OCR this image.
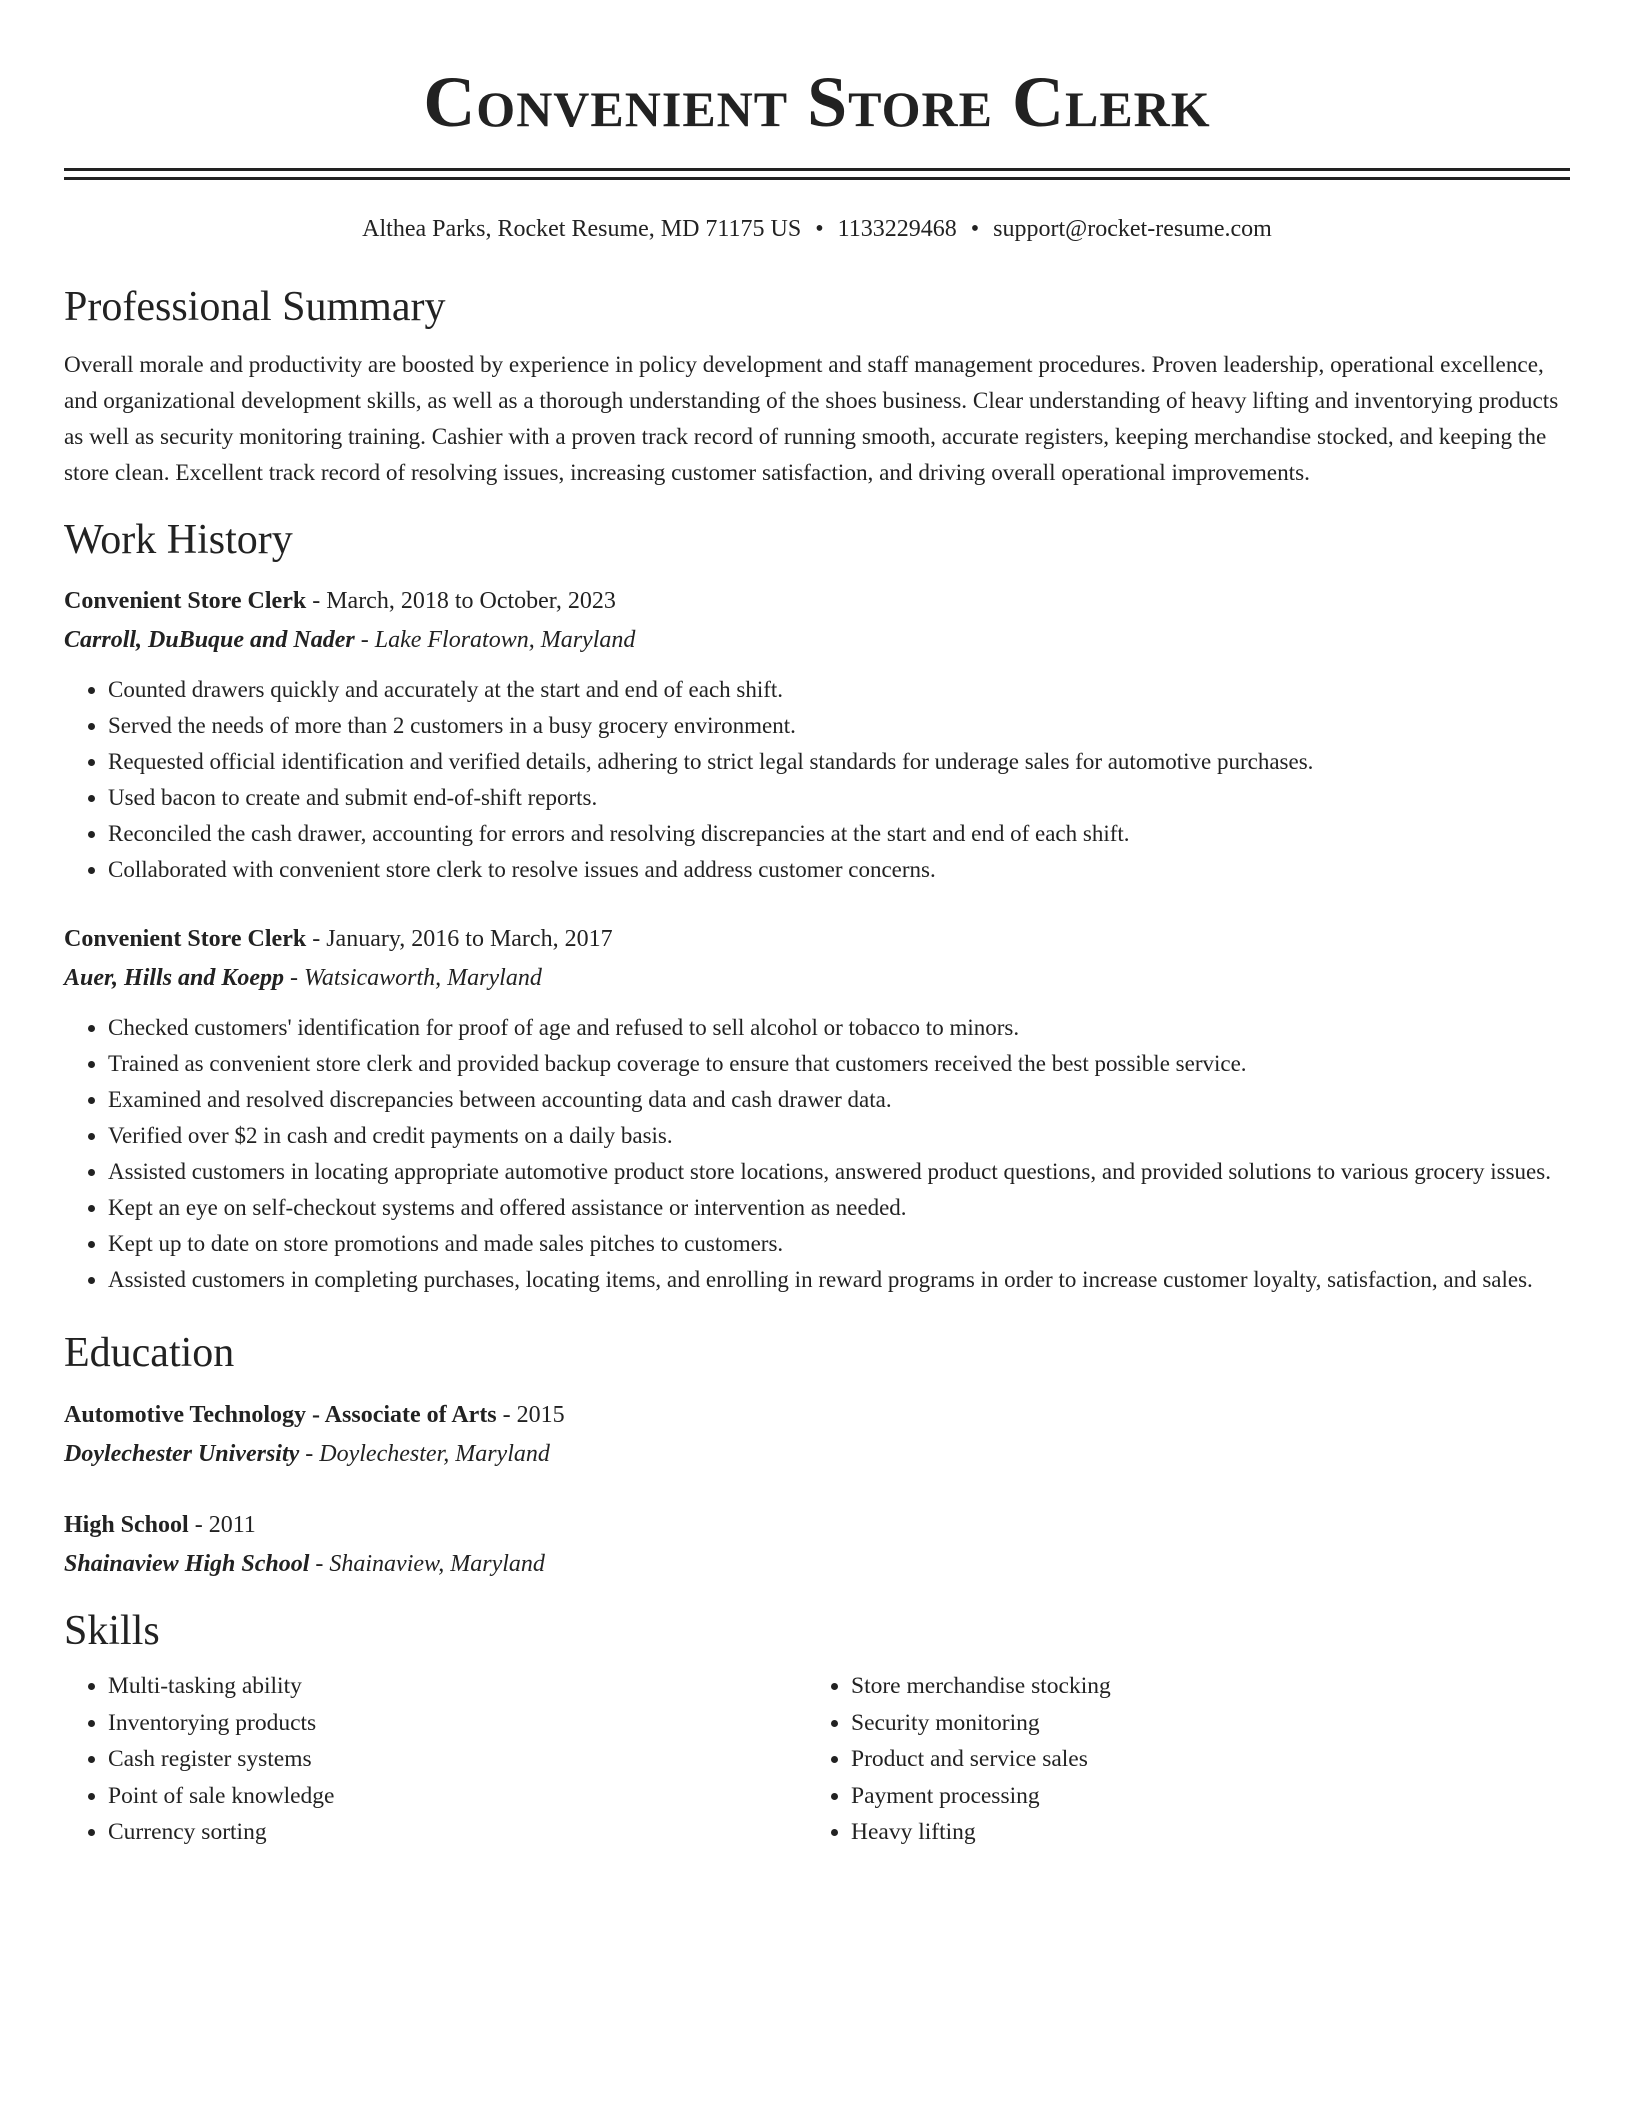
Convenient Store Clerk
Althea Parks, Rocket Resume, MD 71175 US • 1133229468 • support@rocket-resume.com
Professional Summary

Overall morale and productivity are boosted by experience in policy development and staff management procedures. Proven leadership, operational excellence, and organizational development skills, as well as a thorough understanding of the shoes business. Clear understanding of heavy lifting and inventorying products as well as security monitoring training. Cashier with a proven track record of running smooth, accurate registers, keeping merchandise stocked, and keeping the store clean. Excellent track record of resolving issues, increasing customer satisfaction, and driving overall operational improvements.

Work History
Convenient Store Clerk - March, 2018 to October, 2023
Carroll, DuBuque and Nader - Lake Floratown, Maryland
• Counted drawers quickly and accurately at the start and end of each shift.
• Served the needs of more than 2 customers in a busy grocery environment.
• Requested official identification and verified details, adhering to strict legal standards for underage sales for automotive purchases.
• Used bacon to create and submit end-of-shift reports.
• Reconciled the cash drawer, accounting for errors and resolving discrepancies at the start and end of each shift.
• Collaborated with convenient store clerk to resolve issues and address customer concerns.
Convenient Store Clerk - January, 2016 to March, 2017
Auer, Hills and Koepp - Watsicaworth, Maryland
• Checked customers' identification for proof of age and refused to sell alcohol or tobacco to minors.
• Trained as convenient store clerk and provided backup coverage to ensure that customers received the best possible service.
• Examined and resolved discrepancies between accounting data and cash drawer data.
• Verified over $2 in cash and credit payments on a daily basis.
• Assisted customers in locating appropriate automotive product store locations, answered product questions, and provided solutions to various grocery issues.
• Kept an eye on self-checkout systems and offered assistance or intervention as needed.
• Kept up to date on store promotions and made sales pitches to customers.
• Assisted customers in completing purchases, locating items, and enrolling in reward programs in order to increase customer loyalty, satisfaction, and sales.
Education
Automotive Technology - Associate of Arts - 2015
Doylechester University - Doylechester, Maryland
High School - 2011
Shainaview High School - Shainaview, Maryland
Skills
• Multi-tasking ability
• Inventorying products
• Cash register systems
• Point of sale knowledge
• Currency sorting
• Store merchandise stocking
• Security monitoring
• Product and service sales
• Payment processing
• Heavy lifting
